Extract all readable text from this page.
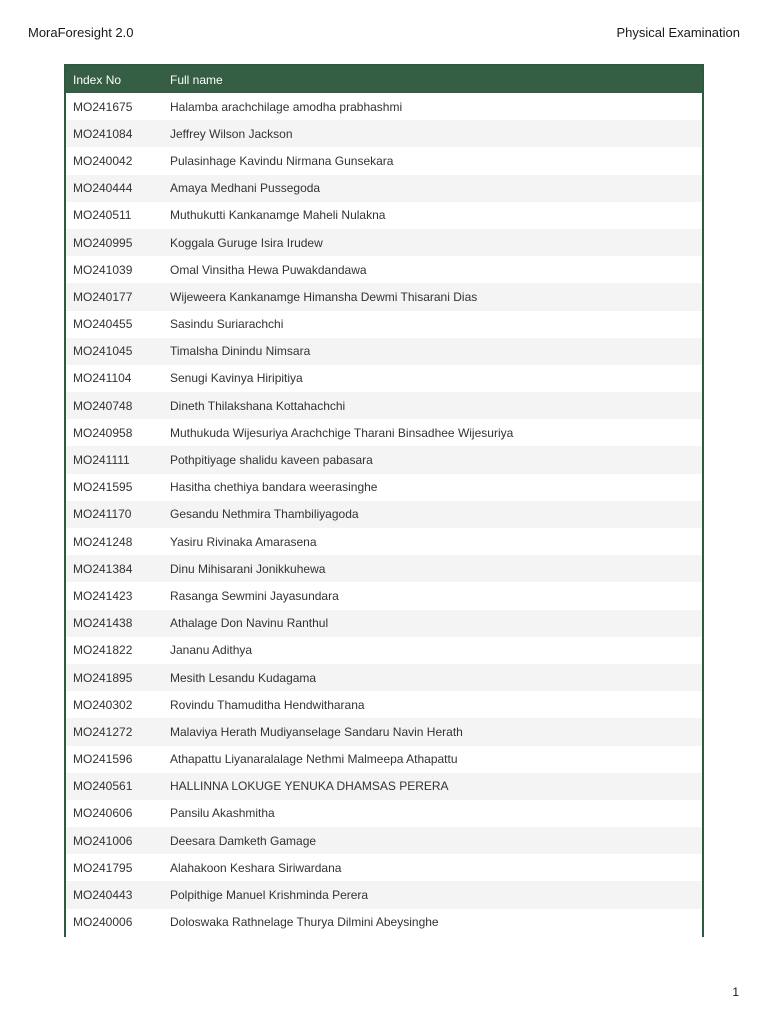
MoraForesight 2.0	Physical Examination
Index No	Full name
MO241675	Halamba arachchilage amodha prabhashmi
MO241084	Jeffrey Wilson Jackson
MO240042	Pulasinhage Kavindu Nirmana Gunsekara
MO240444	Amaya Medhani Pussegoda
MO240511	Muthukutti Kankanamge Maheli Nulakna
MO240995	Koggala Guruge Isira Irudew
MO241039	Omal Vinsitha Hewa Puwakdandawa
MO240177	Wijeweera Kankanamge Himansha Dewmi Thisarani Dias
MO240455	Sasindu Suriarachchi
MO241045	Timalsha Dinindu Nimsara
MO241104	Senugi Kavinya Hiripitiya
MO240748	Dineth Thilakshana Kottahachchi
MO240958	Muthukuda Wijesuriya Arachchige Tharani Binsadhee Wijesuriya
MO241111	Pothpitiyage shalidu kaveen pabasara
MO241595	Hasitha chethiya bandara weerasinghe
MO241170	Gesandu Nethmira Thambiliyagoda
MO241248	Yasiru Rivinaka Amarasena
MO241384	Dinu Mihisarani Jonikkuhewa
MO241423	Rasanga Sewmini Jayasundara
MO241438	Athalage Don Navinu Ranthul
MO241822	Jananu Adithya
MO241895	Mesith Lesandu Kudagama
MO240302	Rovindu Thamuditha Hendwitharana
MO241272	Malaviya Herath Mudiyanselage Sandaru Navin Herath
MO241596	Athapattu Liyanaralalage Nethmi Malmeepa Athapattu
MO240561	HALLINNA LOKUGE YENUKA DHAMSAS PERERA
MO240606	Pansilu Akashmitha
MO241006	Deesara Damketh Gamage
MO241795	Alahakoon Keshara Siriwardana
MO240443	Polpithige Manuel Krishminda Perera
MO240006	Doloswaka Rathnelage Thurya Dilmini Abeysinghe
1
